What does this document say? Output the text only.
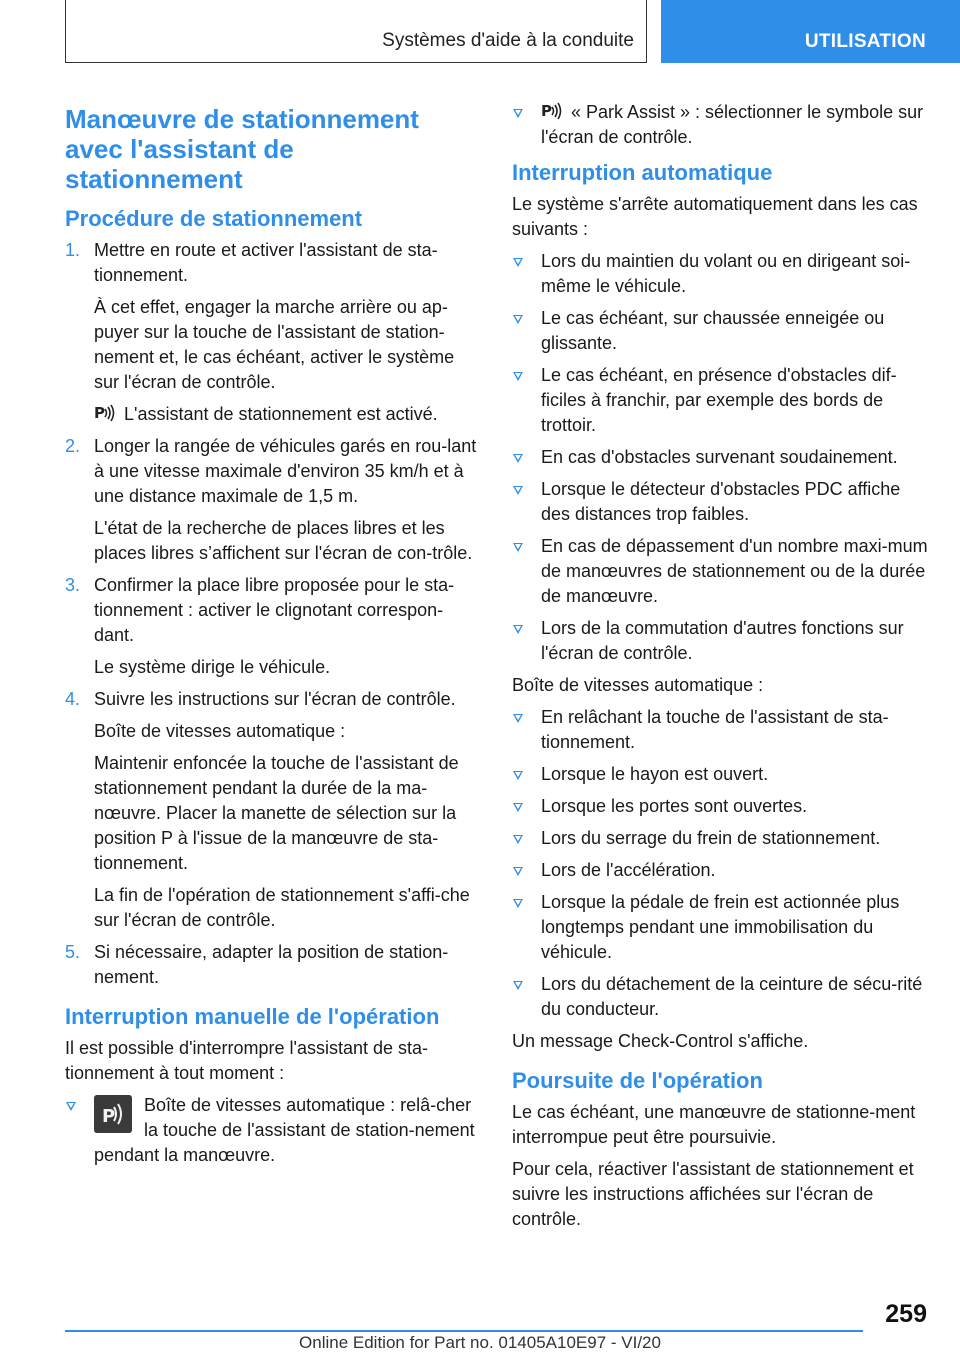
Systèmes d'aide à la conduite	UTILISATION
Manœuvre de stationnement avec l'assistant de stationnement
Procédure de stationnement
1. Mettre en route et activer l'assistant de sta-tionnement.

À cet effet, engager la marche arrière ou ap-puyer sur la touche de l'assistant de station-nement et, le cas échéant, activer le système sur l'écran de contrôle.

P L'assistant de stationnement est activé.

2. Longer la rangée de véhicules garés en rou-lant à une vitesse maximale d'environ 35 km/h et à une distance maximale de 1,5 m.

L'état de la recherche de places libres et les places libres s’affichent sur l'écran de con-trôle.

3. Confirmer la place libre proposée pour le sta-tionnement : activer le clignotant correspon-dant.

Le système dirige le véhicule.

4. Suivre les instructions sur l'écran de contrôle.

Boîte de vitesses automatique :

Maintenir enfoncée la touche de l'assistant de stationnement pendant la durée de la ma-nœuvre. Placer la manette de sélection sur la position P à l'issue de la manœuvre de sta-tionnement.

La fin de l'opération de stationnement s'affi-che sur l'écran de contrôle.

5. Si nécessaire, adapter la position de station-nement.

Interruption manuelle de l'opération

Il est possible d'interrompre l'assistant de sta-tionnement à tout moment :

P
Boîte de vitesses automatique : relâ-cher la touche de l'assistant de station-nement pendant la manœuvre.

P « Park Assist » : sélectionner le symbole sur l'écran de contrôle.

Interruption automatique

Le système s'arrête automatiquement dans les cas suivants :

Lors du maintien du volant ou en dirigeant soi-même le véhicule.

Le cas échéant, sur chaussée enneigée ou glissante.

Le cas échéant, en présence d'obstacles dif-ficiles à franchir, par exemple des bords de trottoir.

En cas d'obstacles survenant soudainement.

Lorsque le détecteur d'obstacles PDC affiche des distances trop faibles.

En cas de dépassement d'un nombre maxi-mum de manœuvres de stationnement ou de la durée de manœuvre.

Lors de la commutation d'autres fonctions sur l'écran de contrôle.

Boîte de vitesses automatique :

En relâchant la touche de l'assistant de sta-tionnement.

Lorsque le hayon est ouvert.

Lorsque les portes sont ouvertes.

Lors du serrage du frein de stationnement.

Lors de l'accélération.

Lorsque la pédale de frein est actionnée plus longtemps pendant une immobilisation du véhicule.

Lors du détachement de la ceinture de sécu-rité du conducteur.

Un message Check-Control s'affiche.

Poursuite de l'opération

Le cas échéant, une manœuvre de stationne-ment interrompue peut être poursuivie.

Pour cela, réactiver l'assistant de stationnement et suivre les instructions affichées sur l'écran de contrôle.

259
Online Edition for Part no. 01405A10E97 - VI/20
